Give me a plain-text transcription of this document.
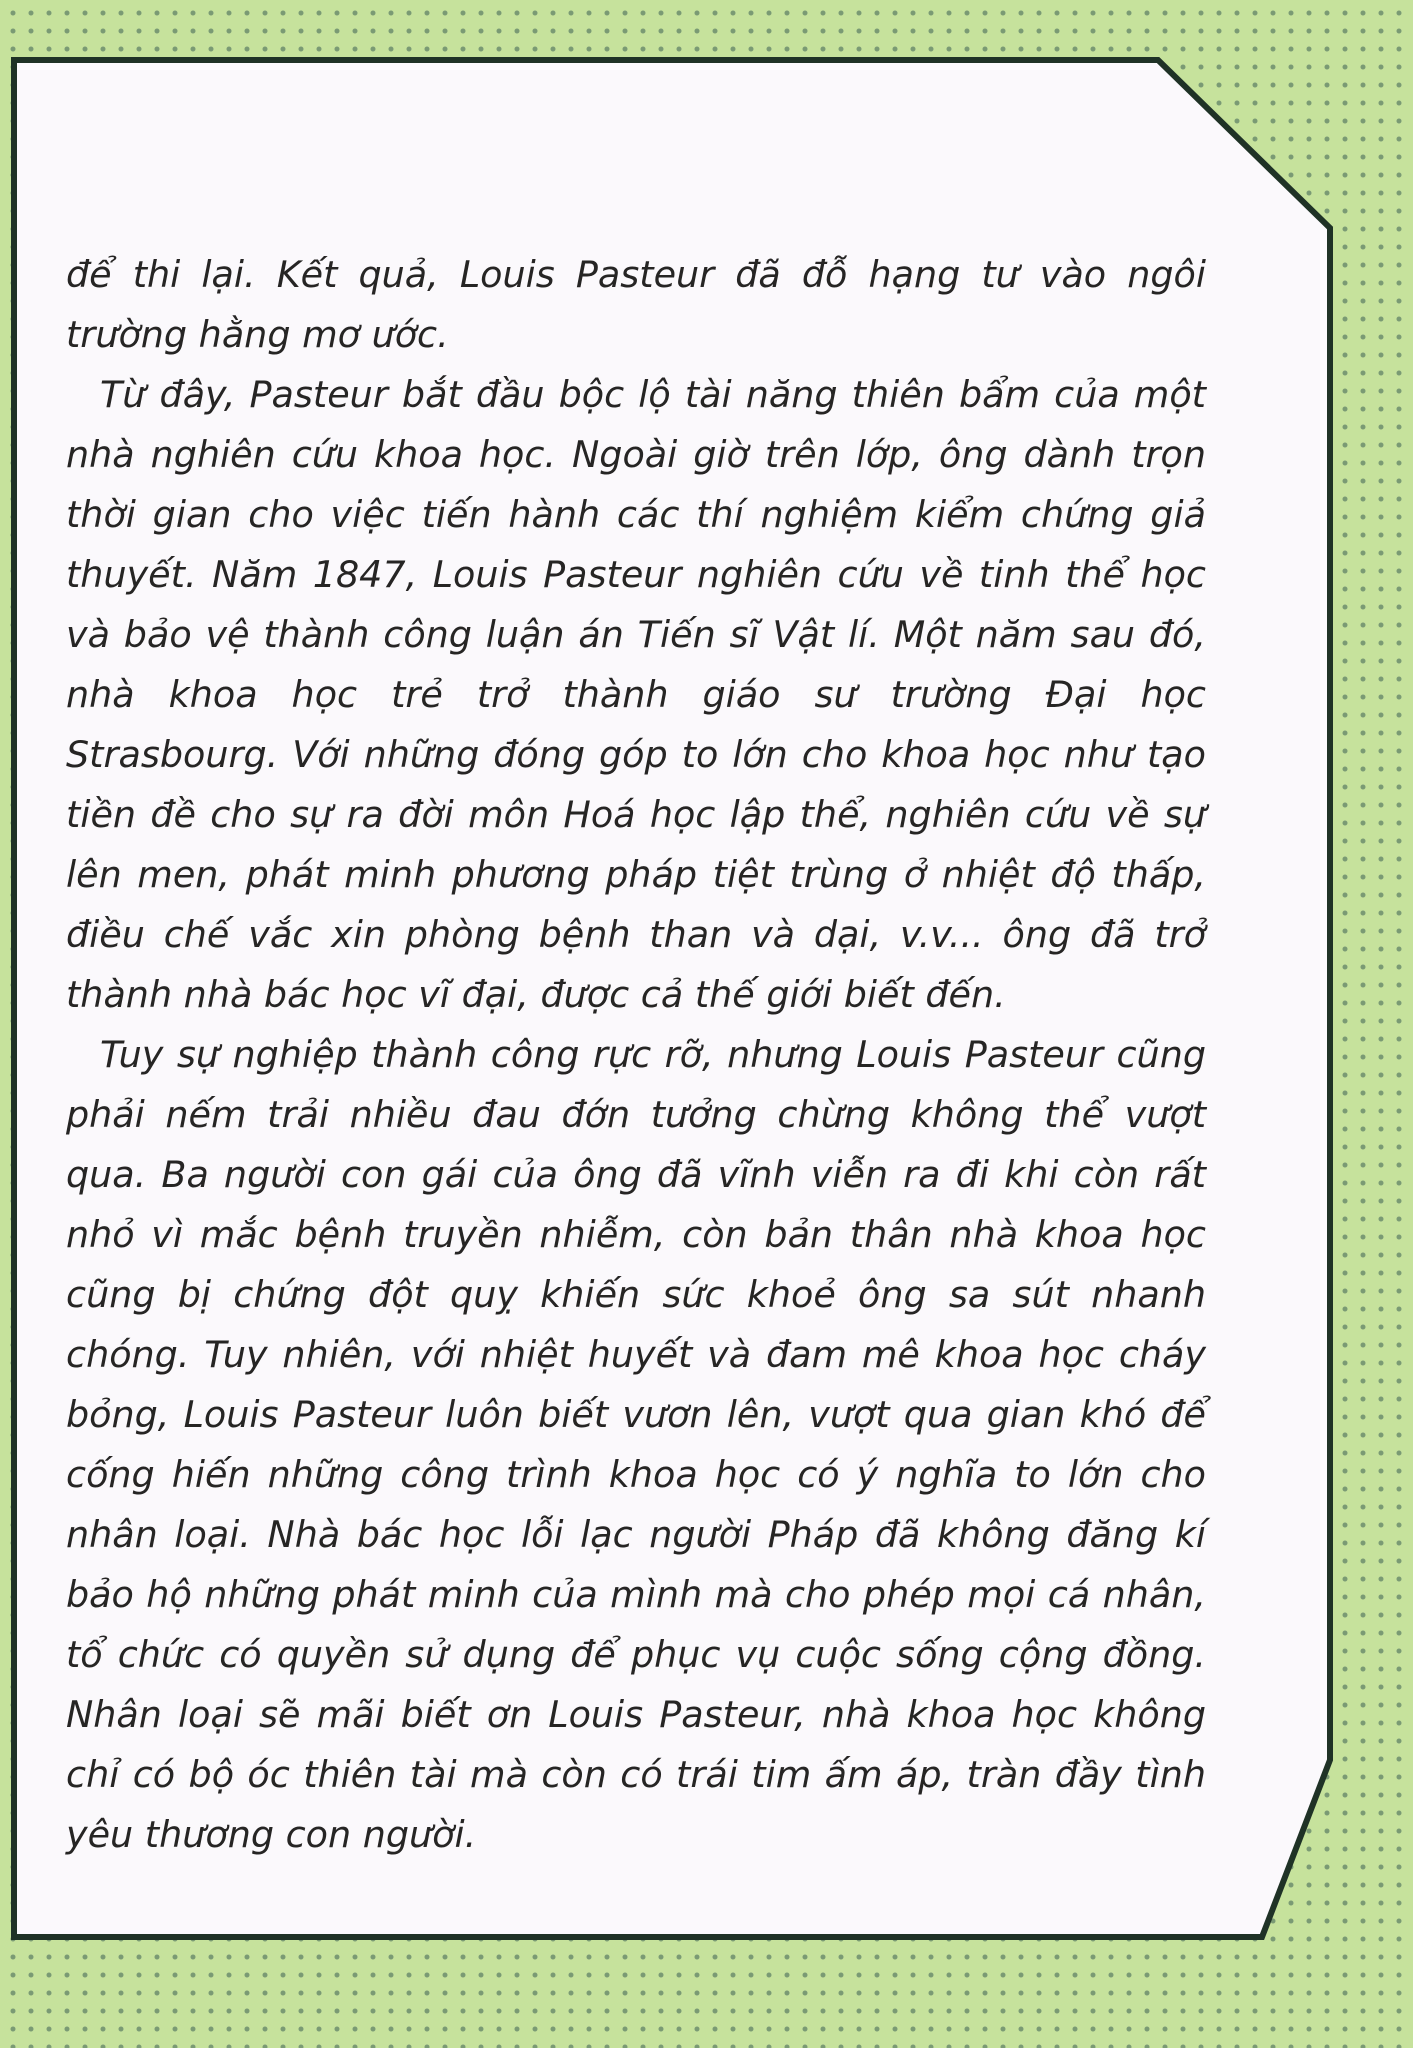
để thi lại. Kết quả, Louis Pasteur đã đỗ hạng tư vào ngôi trường hằng mơ ước.

Từ đây, Pasteur bắt đầu bộc lộ tài năng thiên bẩm của một nhà nghiên cứu khoa học. Ngoài giờ trên lớp, ông dành trọn thời gian cho việc tiến hành các thí nghiệm kiểm chứng giả thuyết. Năm 1847, Louis Pasteur nghiên cứu về tinh thể học và bảo vệ thành công luận án Tiến sĩ Vật lí. Một năm sau đó, nhà khoa học trẻ trở thành giáo sư trường Đại học Strasbourg. Với những đóng góp to lớn cho khoa học như tạo tiền đề cho sự ra đời môn Hoá học lập thể, nghiên cứu về sự lên men, phát minh phương pháp tiệt trùng ở nhiệt độ thấp, điều chế vắc xin phòng bệnh than và dại, v.v... ông đã trở thành nhà bác học vĩ đại, được cả thế giới biết đến.

Tuy sự nghiệp thành công rực rỡ, nhưng Louis Pasteur cũng phải nếm trải nhiều đau đớn tưởng chừng không thể vượt qua. Ba người con gái của ông đã vĩnh viễn ra đi khi còn rất nhỏ vì mắc bệnh truyền nhiễm, còn bản thân nhà khoa học cũng bị chứng đột quỵ khiến sức khoẻ ông sa sút nhanh chóng. Tuy nhiên, với nhiệt huyết và đam mê khoa học cháy bỏng, Louis Pasteur luôn biết vươn lên, vượt qua gian khó để cống hiến những công trình khoa học có ý nghĩa to lớn cho nhân loại. Nhà bác học lỗi lạc người Pháp đã không đăng kí bảo hộ những phát minh của mình mà cho phép mọi cá nhân, tổ chức có quyền sử dụng để phục vụ cuộc sống cộng đồng. Nhân loại sẽ mãi biết ơn Louis Pasteur, nhà khoa học không chỉ có bộ óc thiên tài mà còn có trái tim ấm áp, tràn đầy tình yêu thương con người.
